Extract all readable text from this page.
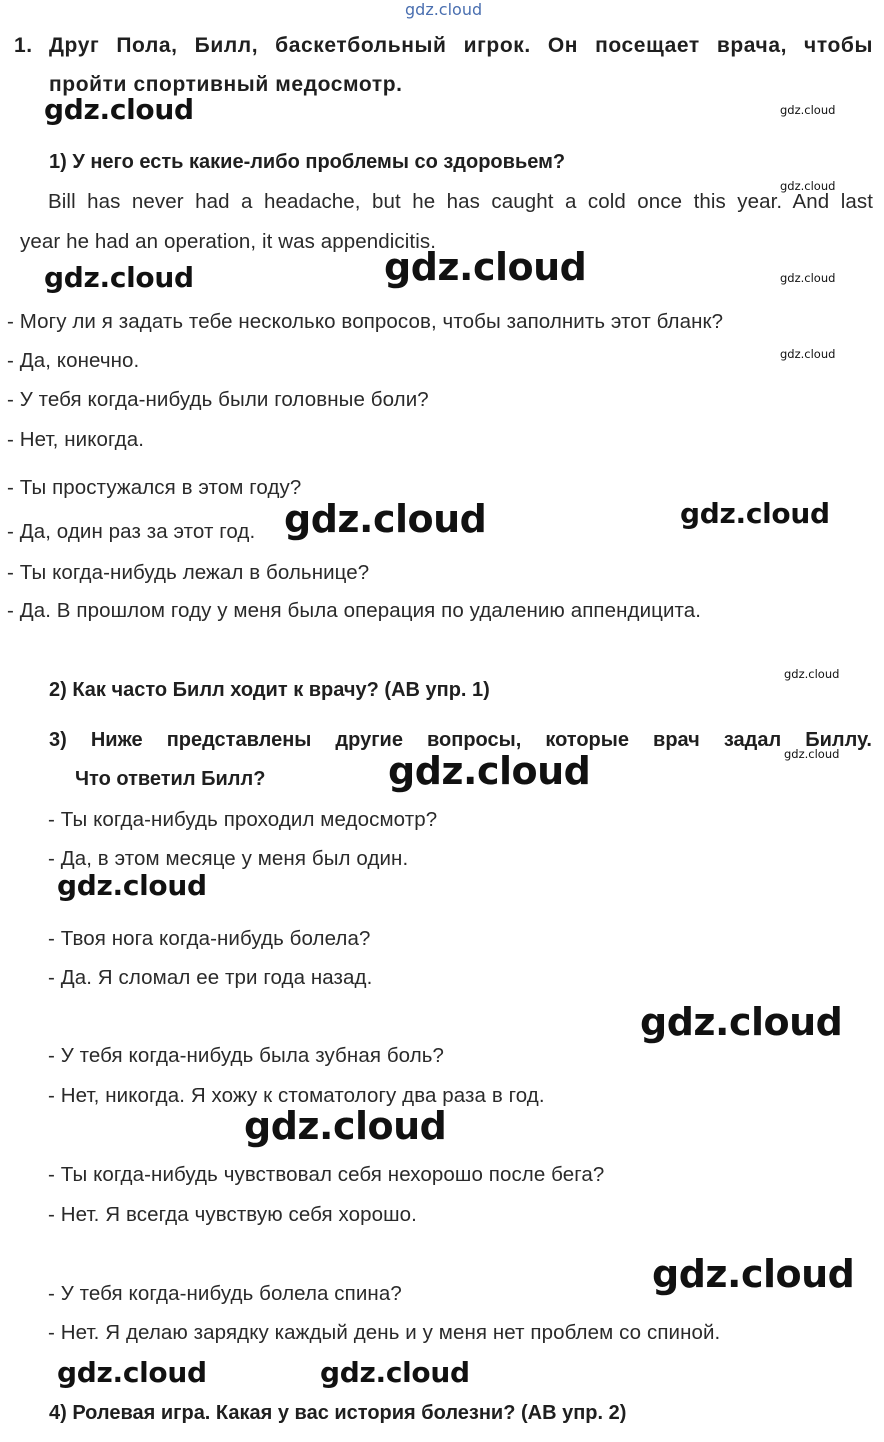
gdz.cloud
1. Друг Пола, Билл, баскетбольный игрок. Он посещает врача, чтобы
пройти спортивный медосмотр.
gdz.cloud	gdz.cloud
1) У него есть какие-либо проблемы со здоровьем?
gdz.cloud
Bill has never had a headache, but he has caught a cold once this year. And last
year he had an operation, it was appendicitis.
gdz.cloud
gdz.cloud	gdz.cloud
- Могу ли я задать тебе несколько вопросов, чтобы заполнить этот бланк?
gdz.cloud
- Да, конечно.
- У тебя когда-нибудь были головные боли?
- Нет, никогда.
- Ты простужался в этом году?
gdz.cloud
- Да, один раз за этот год. gdz.cloud
- Ты когда-нибудь лежал в больнице?
- Да. В прошлом году у меня была операция по удалению аппендицита.
gdz.cloud
2) Как часто Билл ходит к врачу? (АВ упр. 1)
3) Ниже представлены другие вопросы, которые врач задал Биллу.
gdz.cloud
Что ответил Билл?	gdz.cloud
- Ты когда-нибудь проходил медосмотр?
- Да, в этом месяце у меня был один.
gdz.cloud
- Твоя нога когда-нибудь болела?
- Да. Я сломал ее три года назад.
gdz.cloud
- У тебя когда-нибудь была зубная боль?
- Нет, никогда. Я хожу к стоматологу два раза в год.
gdz.cloud
- Ты когда-нибудь чувствовал себя нехорошо после бега?
- Нет. Я всегда чувствую себя хорошо.
gdz.cloud
- У тебя когда-нибудь болела спина?
- Нет. Я делаю зарядку каждый день и у меня нет проблем со спиной.
gdz.cloud	gdz.cloud
4) Ролевая игра. Какая у вас история болезни? (АВ упр. 2)
